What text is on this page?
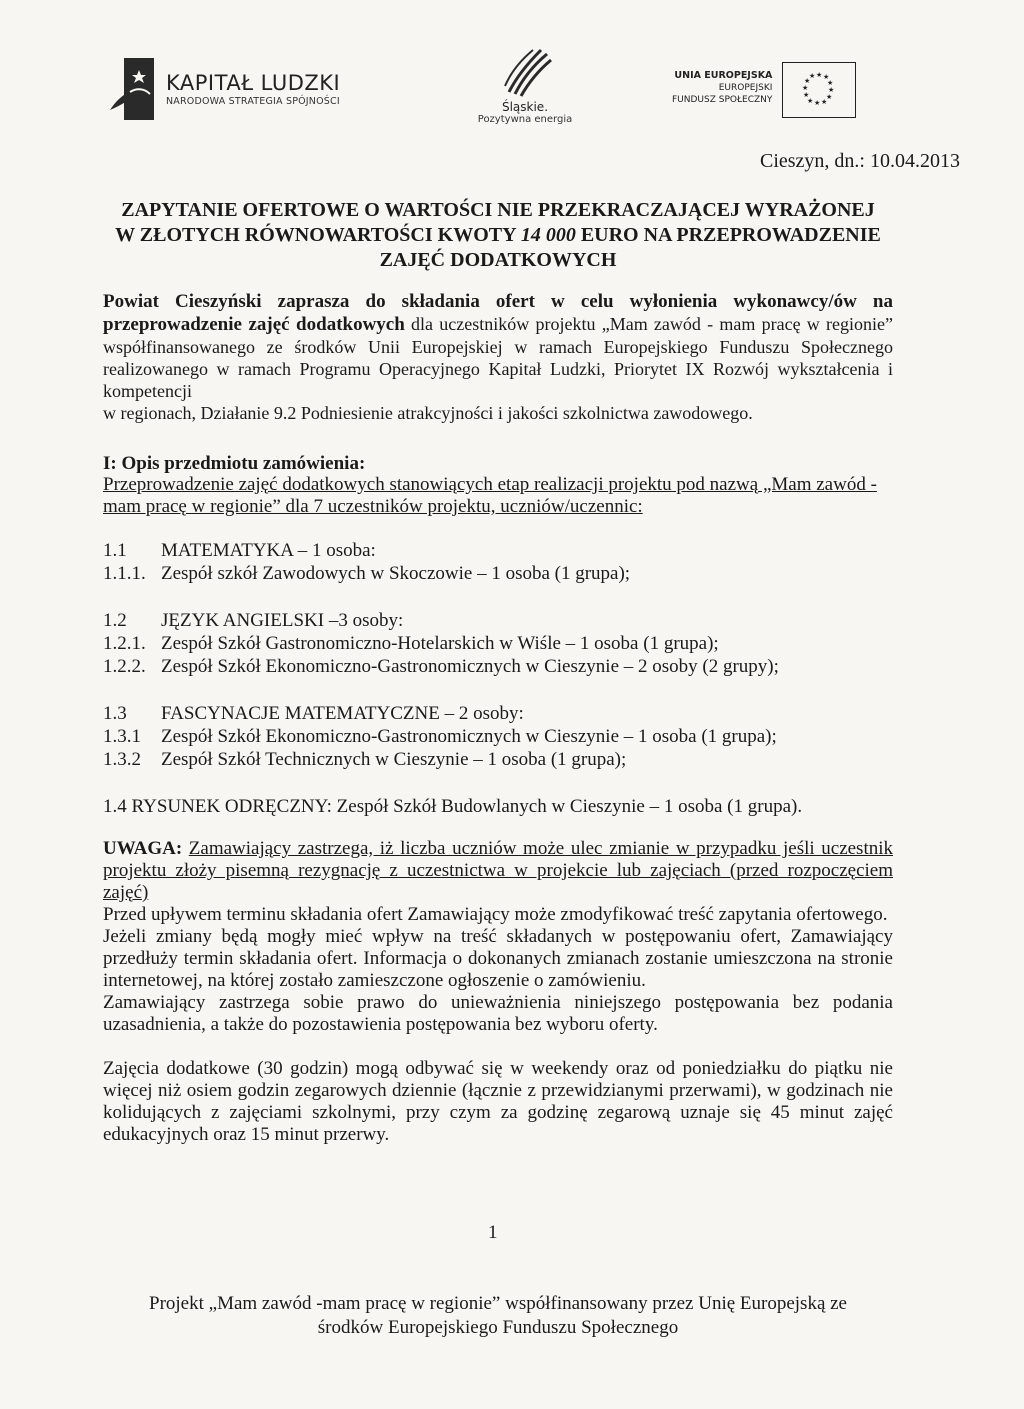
KAPITAŁ LUDZKI
NARODOWA STRATEGIA SPÓJNOŚCI	Śląskie.
Pozytywna energia
UNIA EUROPEJSKA
EUROPEJSKI
FUNDUSZ SPOŁECZNY
★ ★
★
★
★
★
★
★
★
★
★
★
Cieszyn, dn.: 10.04.2013
ZAPYTANIE OFERTOWE O WARTOŚCI NIE PRZEKRACZAJĄCEJ WYRAŻONEJ
W ZŁOTYCH RÓWNOWARTOŚCI KWOTY 14 000 EURO NA PRZEPROWADZENIE
ZAJĘĆ DODATKOWYCH
Powiat Cieszyński zaprasza do składania ofert w celu wyłonienia wykonawcy/ów na przeprowadzenie zajęć dodatkowych dla uczestników projektu „Mam zawód - mam pracę w regionie” współfinansowanego ze środków Unii Europejskiej w ramach Europejskiego Funduszu Społecznego realizowanego w ramach Programu Operacyjnego Kapitał Ludzki, Priorytet IX Rozwój wykształcenia i kompetencji
w regionach, Działanie 9.2 Podniesienie atrakcyjności i jakości szkolnictwa zawodowego.
I: Opis przedmiotu zamówienia:
Przeprowadzenie zajęć dodatkowych stanowiących etap realizacji projektu pod nazwą „Mam zawód - mam pracę w regionie” dla 7 uczestników projektu, uczniów/uczennic:
1.1 MATEMATYKA – 1 osoba:
1.1.1. Zespół szkół Zawodowych w Skoczowie – 1 osoba (1 grupa);
1.2 JĘZYK ANGIELSKI –3 osoby:
1.2.1. Zespół Szkół Gastronomiczno-Hotelarskich w Wiśle – 1 osoba (1 grupa);
1.2.2. Zespół Szkół Ekonomiczno-Gastronomicznych w Cieszynie – 2 osoby (2 grupy);
1.3 FASCYNACJE MATEMATYCZNE – 2 osoby:
1.3.1 Zespół Szkół Ekonomiczno-Gastronomicznych w Cieszynie – 1 osoba (1 grupa);
1.3.2 Zespół Szkół Technicznych w Cieszynie – 1 osoba (1 grupa);
1.4 RYSUNEK ODRĘCZNY: Zespół Szkół Budowlanych w Cieszynie – 1 osoba (1 grupa).
UWAGA: Zamawiający zastrzega, iż liczba uczniów może ulec zmianie w przypadku jeśli uczestnik projektu złoży pisemną rezygnację z uczestnictwa w projekcie lub zajęciach (przed rozpoczęciem zajęć)
Przed upływem terminu składania ofert Zamawiający może zmodyfikować treść zapytania ofertowego.
Jeżeli zmiany będą mogły mieć wpływ na treść składanych w postępowaniu ofert, Zamawiający przedłuży termin składania ofert. Informacja o dokonanych zmianach zostanie umieszczona na stronie internetowej, na której zostało zamieszczone ogłoszenie o zamówieniu.
Zamawiający zastrzega sobie prawo do unieważnienia niniejszego postępowania bez podania uzasadnienia, a także do pozostawienia postępowania bez wyboru oferty.
Zajęcia dodatkowe (30 godzin) mogą odbywać się w weekendy oraz od poniedziałku do piątku nie więcej niż osiem godzin zegarowych dziennie (łącznie z przewidzianymi przerwami), w godzinach nie kolidujących z zajęciami szkolnymi, przy czym za godzinę zegarową uznaje się 45 minut zajęć edukacyjnych oraz 15 minut przerwy.
1
Projekt „Mam zawód -mam pracę w regionie” współfinansowany przez Unię Europejską ze
środków Europejskiego Funduszu Społecznego
